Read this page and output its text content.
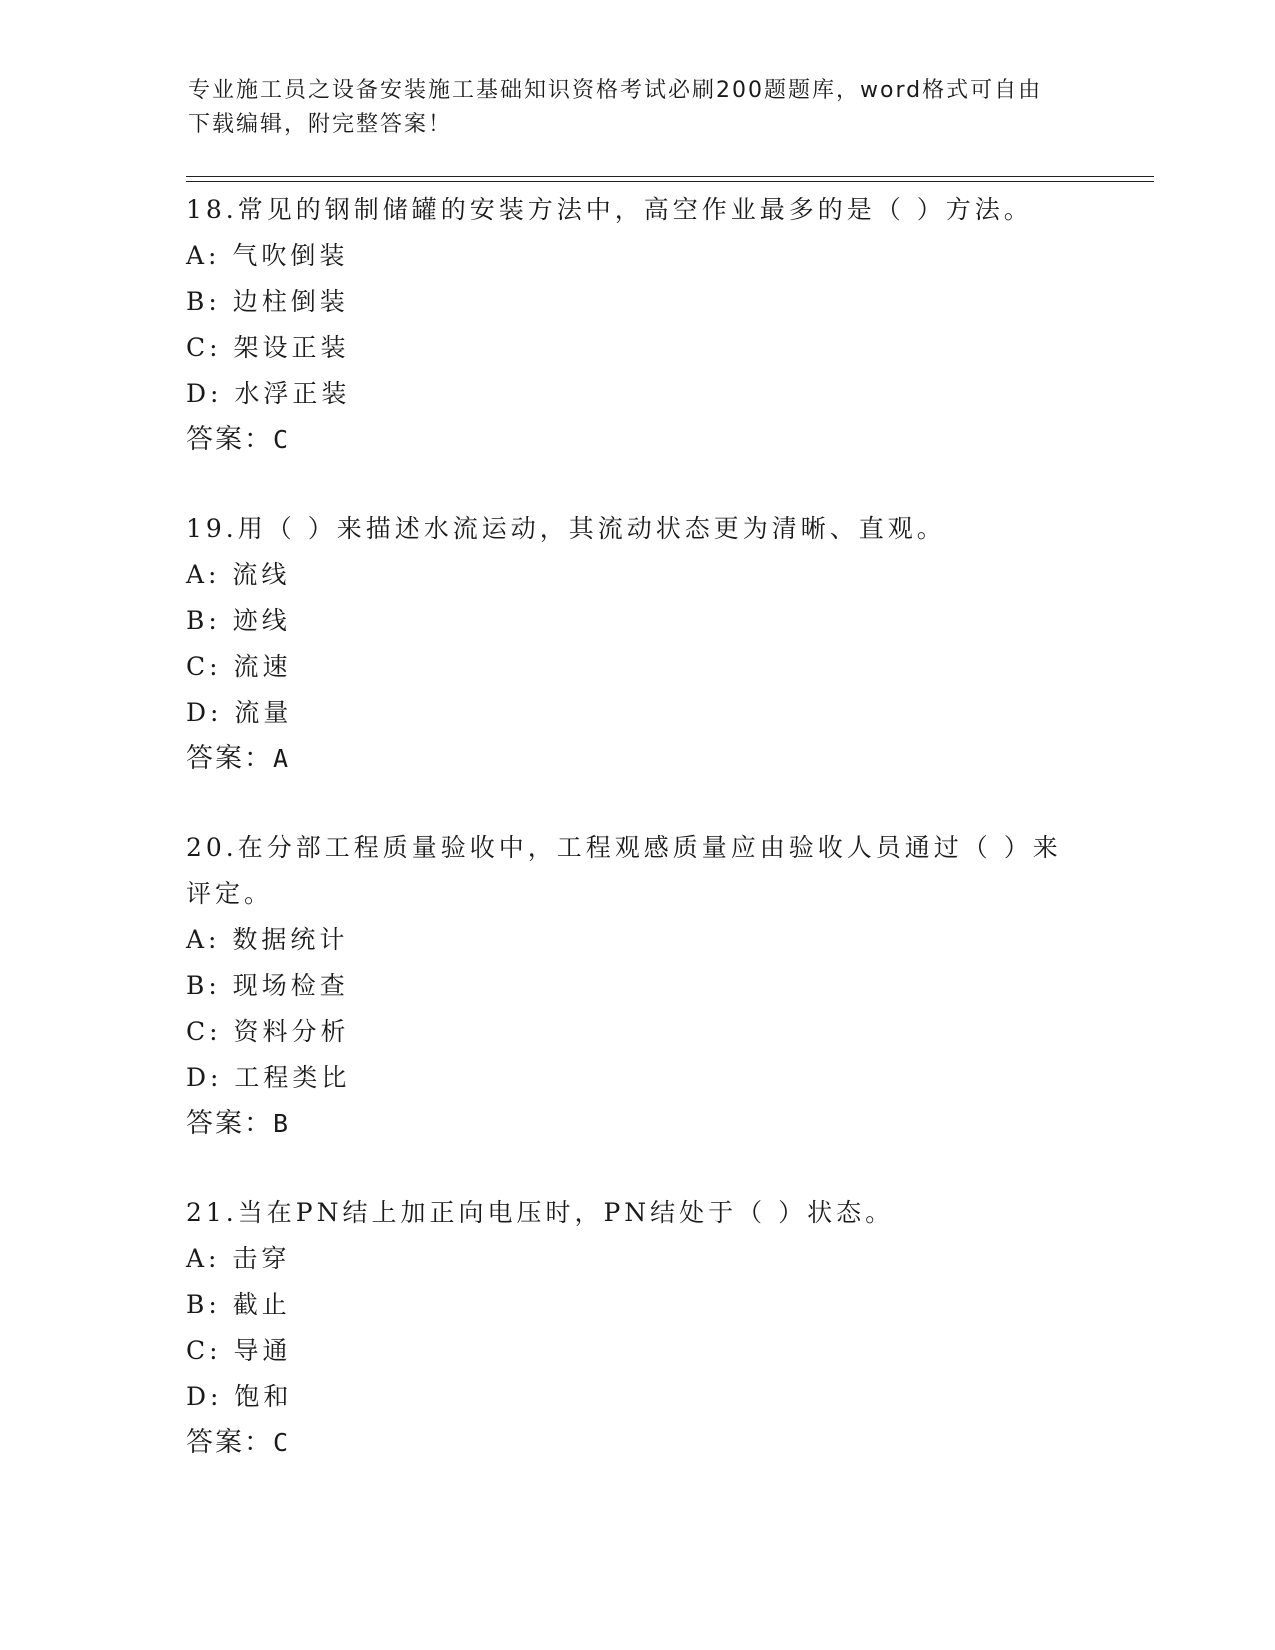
专业施工员之设备安装施工基础知识资格考试必刷200题题库，word格式可自由
下载编辑，附完整答案！

18.常见的钢制储罐的安装方法中，高空作业最多的是（ ）方法。

A: 气吹倒装

B: 边柱倒装

C: 架设正装

D: 水浮正装

答案：C

19.用（ ）来描述水流运动，其流动状态更为清晰、直观。

A: 流线

B: 迹线

C: 流速

D: 流量

答案：A

20.在分部工程质量验收中，工程观感质量应由验收人员通过（ ）来

评定。

A: 数据统计

B: 现场检查

C: 资料分析

D: 工程类比

答案：B

21.当在PN结上加正向电压时，PN结处于（ ）状态。

A: 击穿

B: 截止

C: 导通

D: 饱和

答案：C
